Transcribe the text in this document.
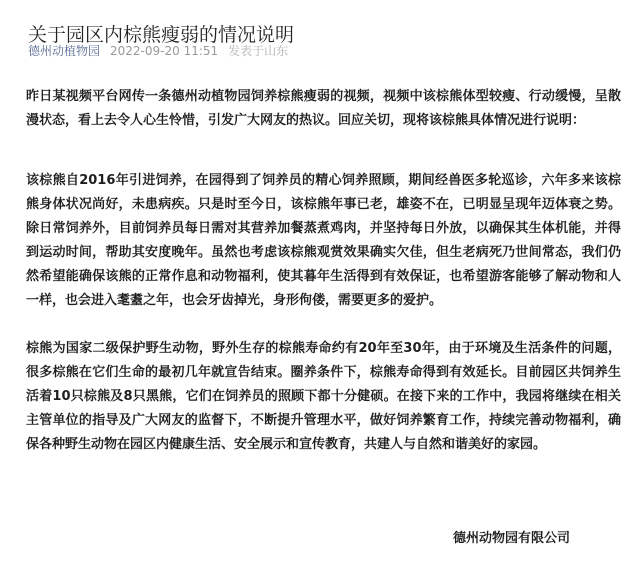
关于园区内棕熊瘦弱的情况说明
德州动植物园 2022-09-20 11:51 发表于山东

昨日某视频平台网传一条德州动植物园饲养棕熊瘦弱的视频，视频中该棕熊体型较瘦、行动缓慢，呈散漫状态，看上去令人心生怜惜，引发广大网友的热议。回应关切，现将该棕熊具体情况进行说明：

该棕熊自2016年引进饲养，在园得到了饲养员的精心饲养照顾，期间经兽医多轮巡诊，六年多来该棕熊身体状况尚好，未患病疾。只是时至今日，该棕熊年事已老，雄姿不在，已明显呈现年迈体衰之势。除日常饲养外，目前饲养员每日需对其营养加餐蒸煮鸡肉，并坚持每日外放，以确保其生体机能，并得到运动时间，帮助其安度晚年。虽然也考虑该棕熊观赏效果确实欠佳，但生老病死乃世间常态，我们仍然希望能确保该熊的正常作息和动物福利，使其暮年生活得到有效保证，也希望游客能够了解动物和人一样，也会进入耄耋之年，也会牙齿掉光，身形佝偻，需要更多的爱护。

棕熊为国家二级保护野生动物，野外生存的棕熊寿命约有20年至30年，由于环境及生活条件的问题，很多棕熊在它们生命的最初几年就宣告结束。圈养条件下，棕熊寿命得到有效延长。目前园区共饲养生活着10只棕熊及8只黑熊，它们在饲养员的照顾下都十分健硕。在接下来的工作中，我园将继续在相关主管单位的指导及广大网友的监督下，不断提升管理水平，做好饲养繁育工作，持续完善动物福利，确保各种野生动物在园区内健康生活、安全展示和宣传教育，共建人与自然和谐美好的家园。

德州动物园有限公司
